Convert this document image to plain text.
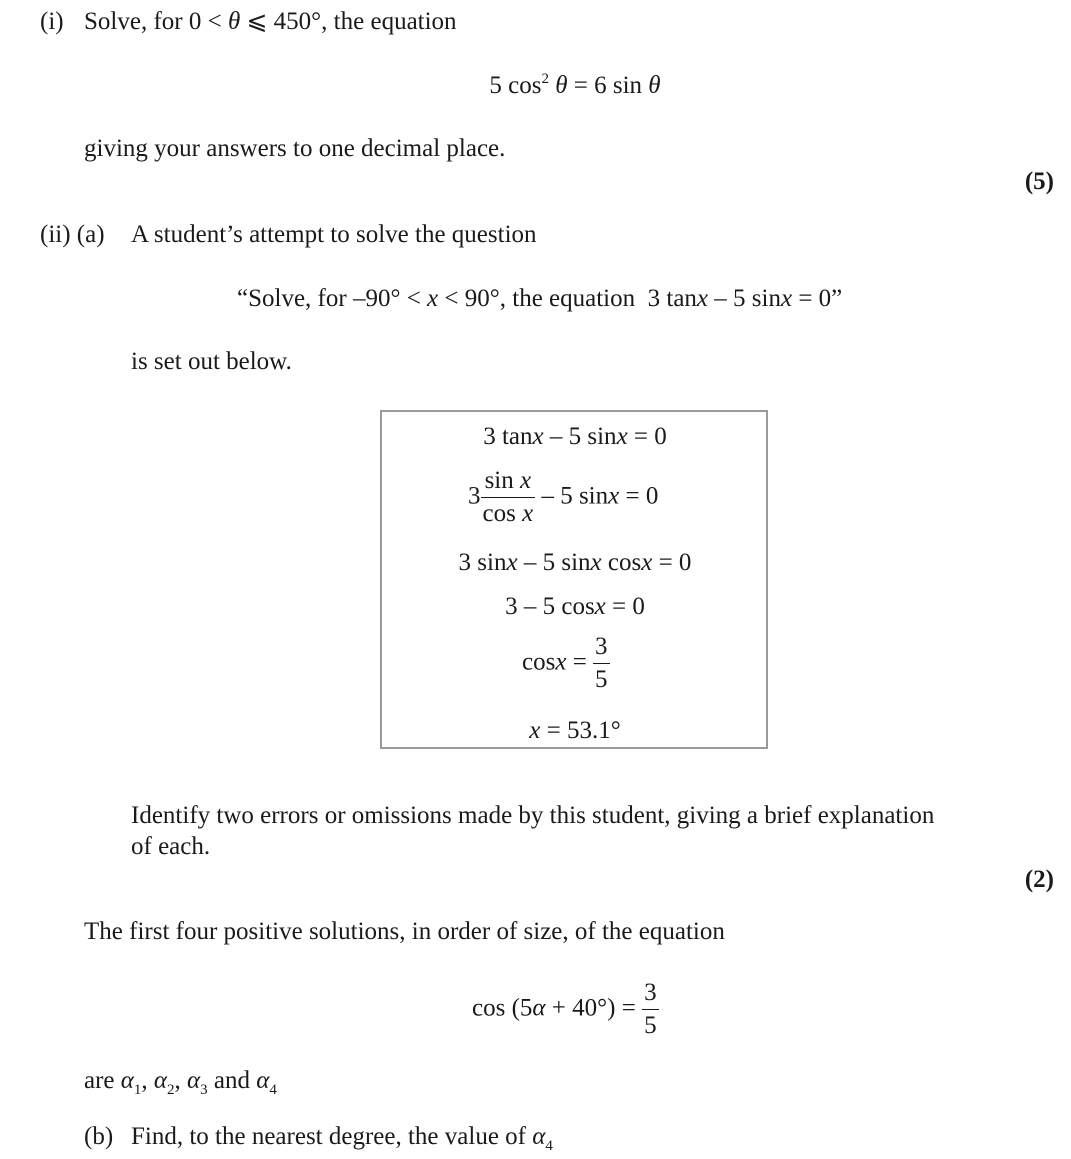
(i) Solve, for 0 < θ ⩽ 450°, the equation
5 $\cos^2 \theta = 6$ sin θ
giving your answers to one decimal place.
(5)
(ii) (a) A student’s attempt to solve the question
“Solve, for –90° < x < 90°, the equation  3 tanx – 5 sinx = 0”
is set out below.
3 tanx – 5 sinx = 0
$3 \frac{\text{sin x}}{\text{cos x}} - 5$ sinx = 0
3 sinx – 5 sinx cosx = 0
3 – 5 cosx = 0
$\cos x = \frac{3}{5}$
x = 53.1°
Identify two errors or omissions made by this student, giving a brief explanation
of each.
(2)
The first four positive solutions, in order of size, of the equation
$\cos (5\alpha + 40^\circ) = \frac{3}{5}$
are $\alpha_1$, $\alpha_2$, $\alpha_3$ and $\alpha_4$
(b) Find, to the nearest degree, the value of $\alpha_4$
